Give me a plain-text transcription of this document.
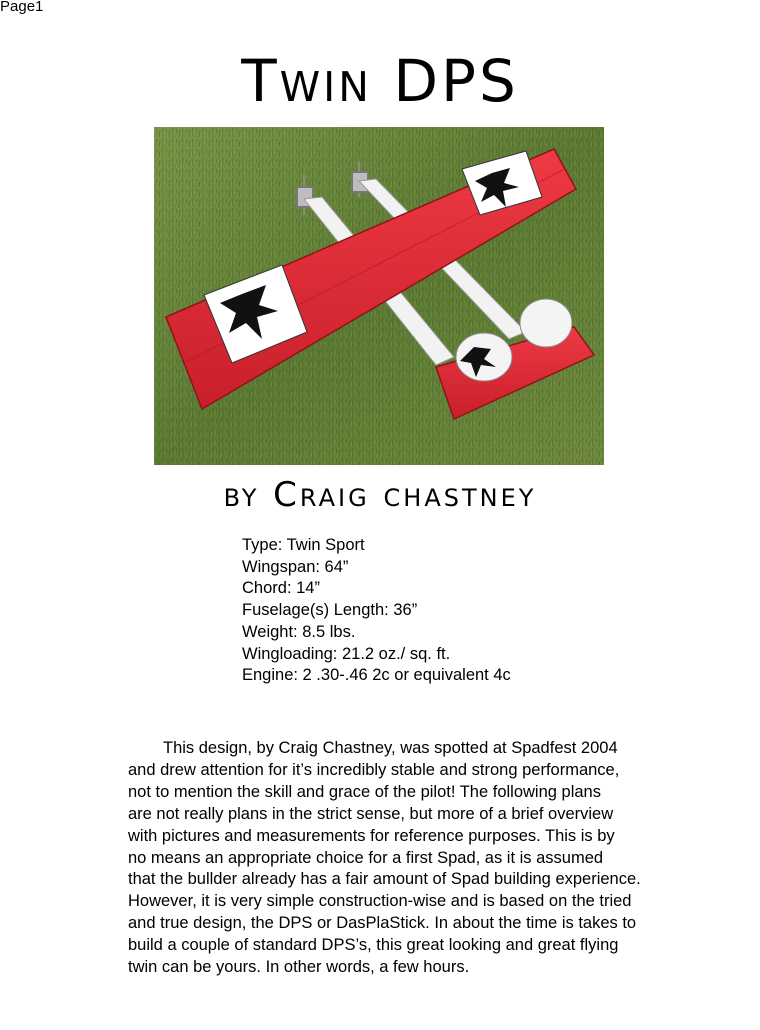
Page1
Twin DPS
by Craig chastney
Type: Twin Sport
Wingspan: 64”
Chord: 14”
Fuselage(s) Length: 36”
Weight: 8.5 lbs.
Wingloading: 21.2 oz./ sq. ft.
Engine: 2 .30-.46 2c or equivalent 4c
This design, by Craig Chastney, was spotted at Spadfest 2004
and drew attention for it’s incredibly stable and strong performance,
not to mention the skill and grace of the pilot! The following plans
are not really plans in the strict sense, but more of a brief overview
with pictures and measurements for reference purposes. This is by
no means an appropriate choice for a first Spad, as it is assumed
that the bullder already has a fair amount of Spad building experience.
However, it is very simple construction-wise and is based on the tried
and true design, the DPS or DasPlaStick. In about the time is takes to
build a couple of standard DPS’s, this great looking and great flying
twin can be yours. In other words, a few hours.
